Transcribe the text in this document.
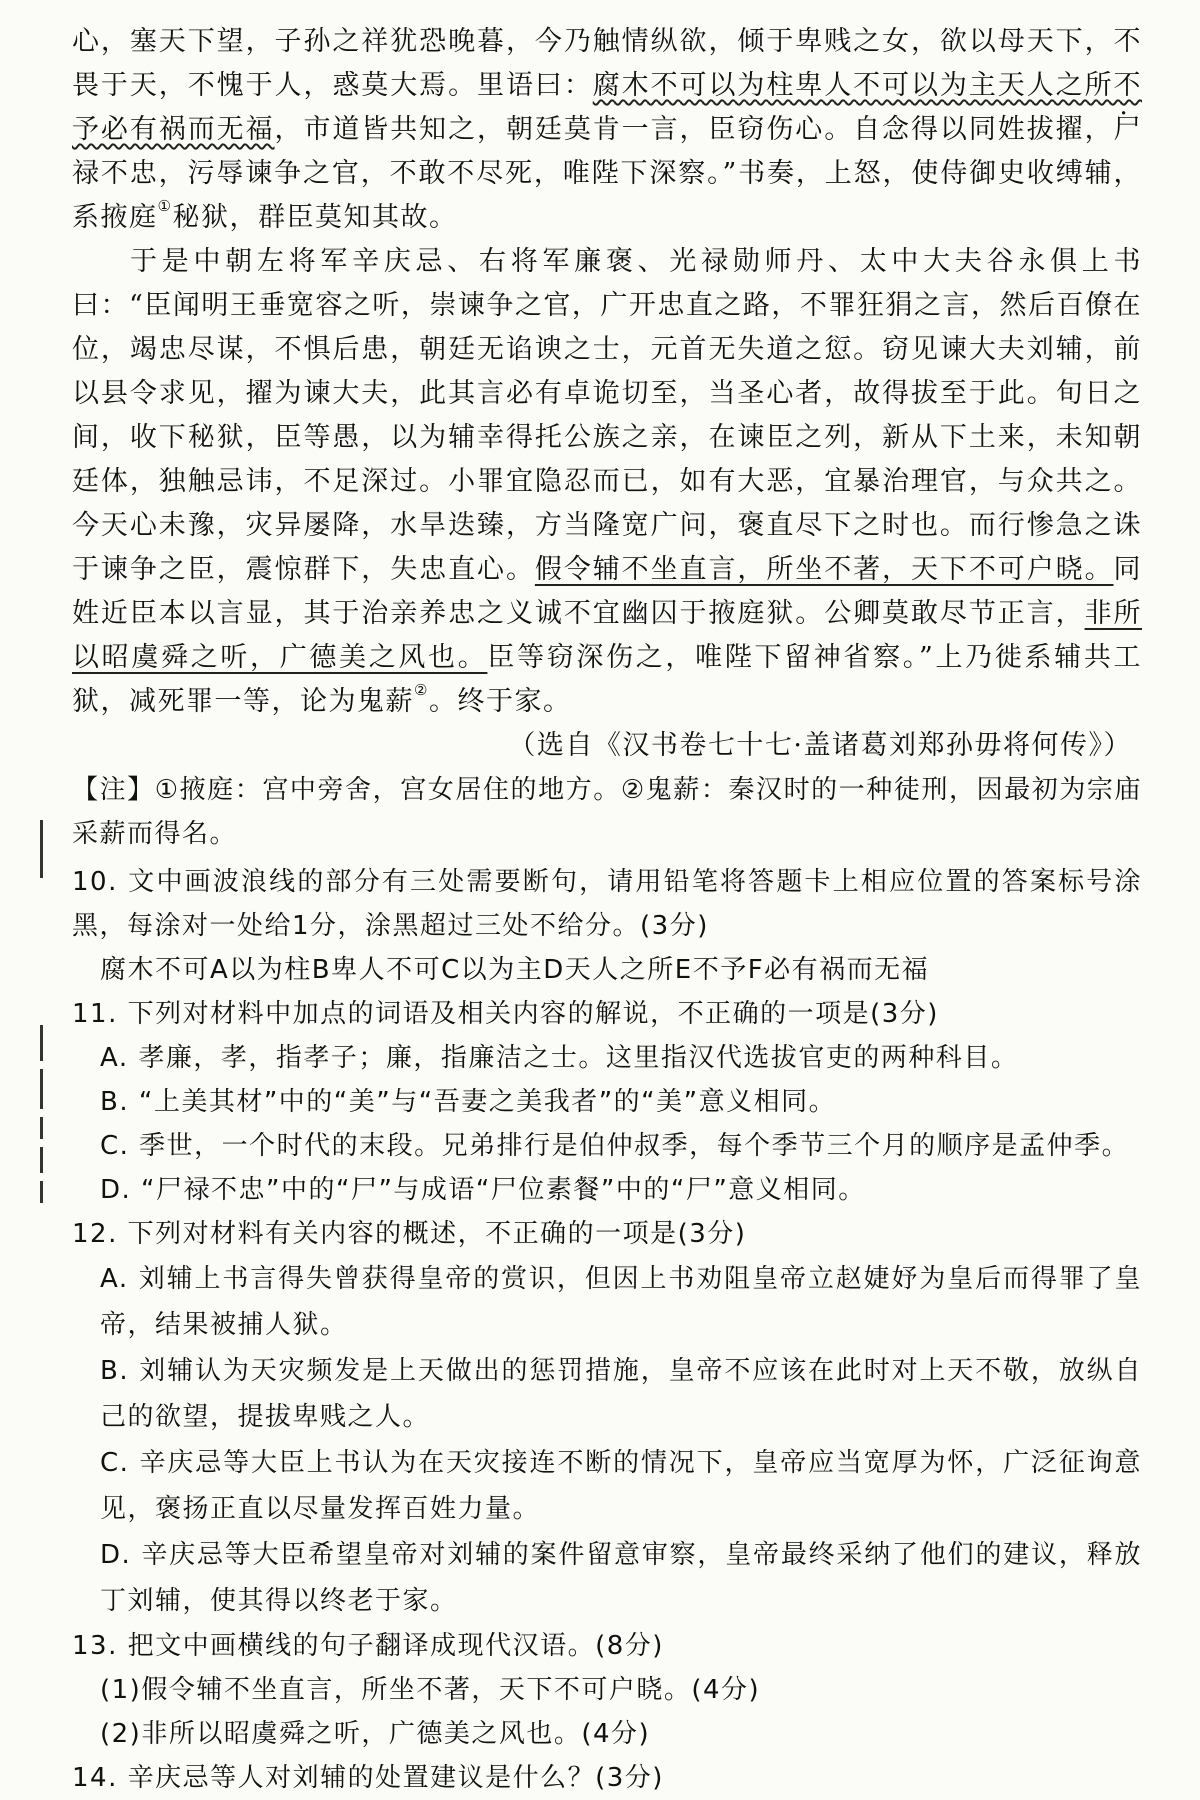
心，塞天下望，子孙之祥犹恐晚暮，今乃触情纵欲，倾于卑贱之女，欲以母天下，不畏于天，不愧于人，惑莫大焉。里语曰：腐木不可以为柱卑人不可以为主天人之所不予必有祸而无福，市道皆共知之，朝廷莫肯一言，臣窃伤心。自念得以同姓拔擢，尸禄不忠，污辱谏争之官，不敢不尽死，唯陛下深察。”书奏，上怒，使侍御史收缚辅，系掖庭①秘狱，群臣莫知其故。

于是中朝左将军辛庆忌、右将军廉褒、光禄勋师丹、太中大夫谷永俱上书曰：“臣闻明王垂宽容之听，崇谏争之官，广开忠直之路，不罪狂狷之言，然后百僚在位，竭忠尽谋，不惧后患，朝廷无谄谀之士，元首无失道之愆。窃见谏大夫刘辅，前以县令求见，擢为谏大夫，此其言必有卓诡切至，当圣心者，故得拔至于此。旬日之间，收下秘狱，臣等愚，以为辅幸得托公族之亲，在谏臣之列，新从下土来，未知朝廷体，独触忌讳，不足深过。小罪宜隐忍而已，如有大恶，宜暴治理官，与众共之。今天心未豫，灾异屡降，水旱迭臻，方当隆宽广问，褒直尽下之时也。而行惨急之诛于谏争之臣，震惊群下，失忠直心。假令辅不坐直言，所坐不著，天下不可户晓。同姓近臣本以言显，其于治亲养忠之义诚不宜幽囚于掖庭狱。公卿莫敢尽节正言，非所以昭虞舜之听，广德美之风也。臣等窃深伤之，唯陛下留神省察。”上乃徙系辅共工狱，减死罪一等，论为鬼薪②。终于家。

（选自《汉书卷七十七·盖诸葛刘郑孙毋将何传》）

【注】①掖庭：宫中旁舍，宫女居住的地方。②鬼薪：秦汉时的一种徒刑，因最初为宗庙采薪而得名。

10. 文中画波浪线的部分有三处需要断句，请用铅笔将答题卡上相应位置的答案标号涂黑，每涂对一处给1分，涂黑超过三处不给分。(3分)
腐木不可A以为柱B卑人不可C以为主D天人之所E不予F必有祸而无福
11. 下列对材料中加点的词语及相关内容的解说，不正确的一项是(3分)
A. 孝廉，孝，指孝子；廉，指廉洁之士。这里指汉代选拔官吏的两种科目。
B. “上美其材”中的“美”与“吾妻之美我者”的“美”意义相同。
C. 季世，一个时代的末段。兄弟排行是伯仲叔季，每个季节三个月的顺序是孟仲季。
D. “尸禄不忠”中的“尸”与成语“尸位素餐”中的“尸”意义相同。
12. 下列对材料有关内容的概述，不正确的一项是(3分)
A. 刘辅上书言得失曾获得皇帝的赏识，但因上书劝阻皇帝立赵婕妤为皇后而得罪了皇帝，结果被捕人狱。
B. 刘辅认为天灾频发是上天做出的惩罚措施，皇帝不应该在此时对上天不敬，放纵自己的欲望，提拔卑贱之人。
C. 辛庆忌等大臣上书认为在天灾接连不断的情况下，皇帝应当宽厚为怀，广泛征询意见，褒扬正直以尽量发挥百姓力量。
D. 辛庆忌等大臣希望皇帝对刘辅的案件留意审察，皇帝最终采纳了他们的建议，释放丁刘辅，使其得以终老于家。
13. 把文中画横线的句子翻译成现代汉语。(8分)
(1)假令辅不坐直言，所坐不著，天下不可户晓。(4分)
(2)非所以昭虞舜之听，广德美之风也。(4分)
14. 辛庆忌等人对刘辅的处置建议是什么？(3分)
